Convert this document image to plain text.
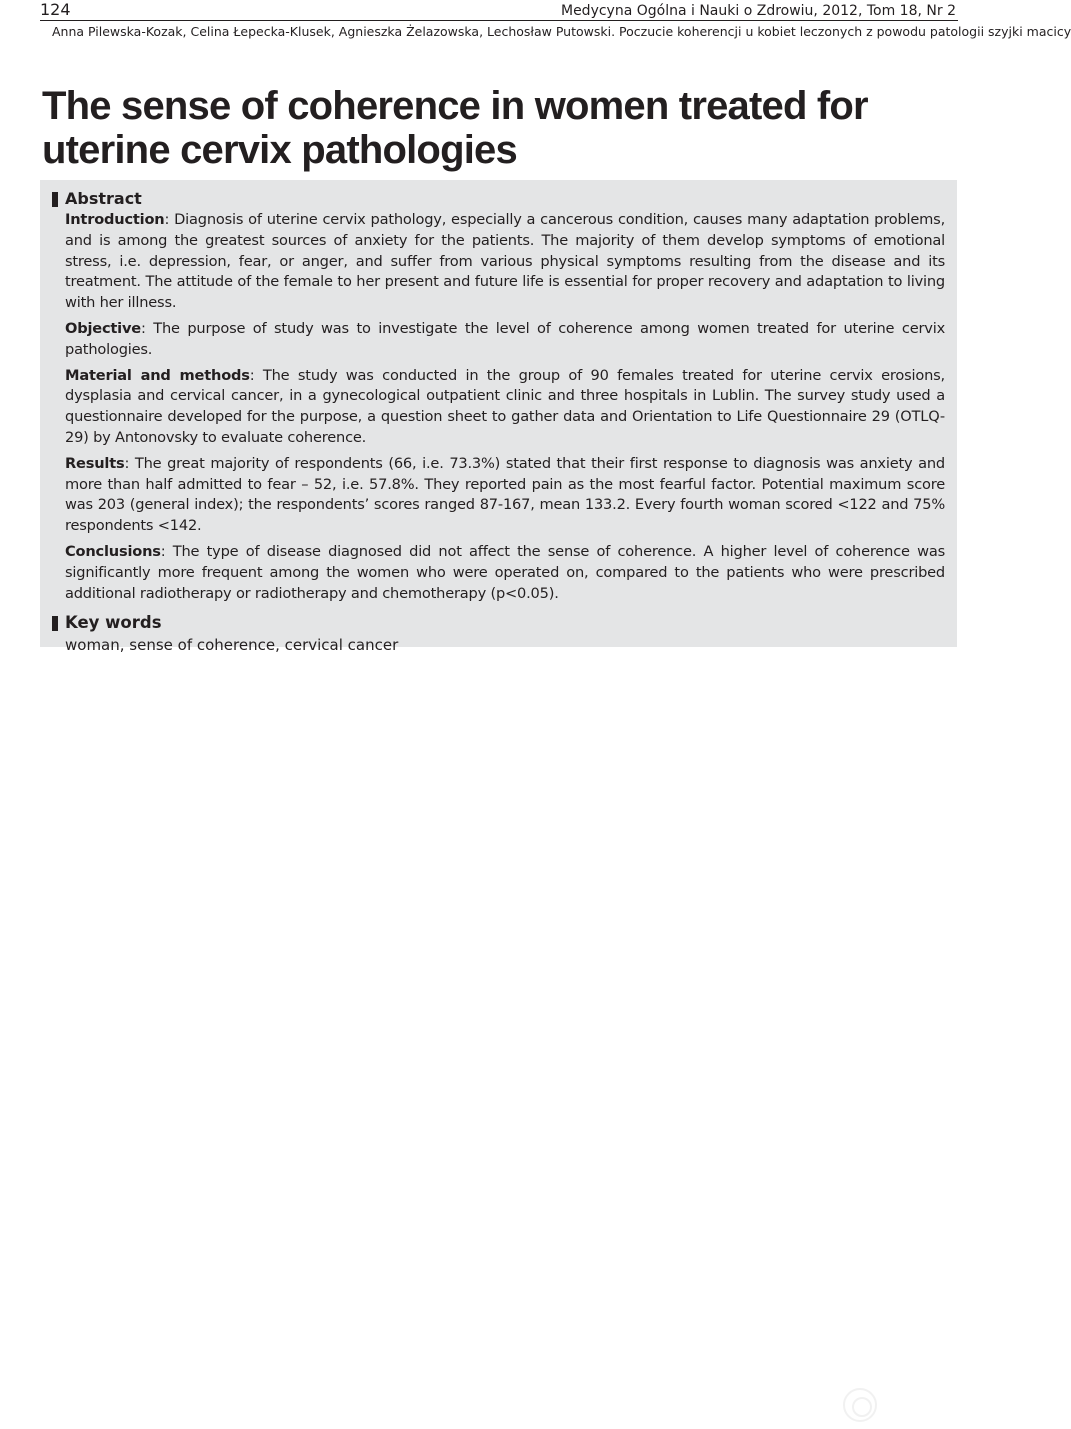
124	Medycyna Ogólna i Nauki o Zdrowiu, 2012, Tom 18, Nr 2
Anna Pilewska-Kozak, Celina Łepecka-Klusek, Agnieszka Żelazowska, Lechosław Putowski. Poczucie koherencji u kobiet leczonych z powodu patologii szyjki macicy
The sense of coherence in women treated for uterine cervix pathologies
Abstract

Introduction: Diagnosis of uterine cervix pathology, especially a cancerous condition, causes many adaptation problems, and is among the greatest sources of anxiety for the patients. The majority of them develop symptoms of emotional stress, i.e. depression, fear, or anger, and suffer from various physical symptoms resulting from the disease and its treatment. The attitude of the female to her present and future life is essential for proper recovery and adaptation to living with her illness.

Objective: The purpose of study was to investigate the level of coherence among women treated for uterine cervix pathologies.

Material and methods: The study was conducted in the group of 90 females treated for uterine cervix erosions, dysplasia and cervical cancer, in a gynecological outpatient clinic and three hospitals in Lublin. The survey study used a questionnaire developed for the purpose, a question sheet to gather data and Orientation to Life Questionnaire 29 (OTLQ-29) by Antonovsky to evaluate coherence.

Results: The great majority of respondents (66, i.e. 73.3%) stated that their first response to diagnosis was anxiety and more than half admitted to fear – 52, i.e. 57.8%. They reported pain as the most fearful factor. Potential maximum score was 203 (general index); the respondents’ scores ranged 87-167, mean 133.2. Every fourth woman scored <122 and 75% respondents <142.

Conclusions: The type of disease diagnosed did not affect the sense of coherence. A higher level of coherence was significantly more frequent among the women who were operated on, compared to the patients who were prescribed additional radiotherapy or radiotherapy and chemotherapy (p<0.05).

Key words
woman, sense of coherence, cervical cancer
